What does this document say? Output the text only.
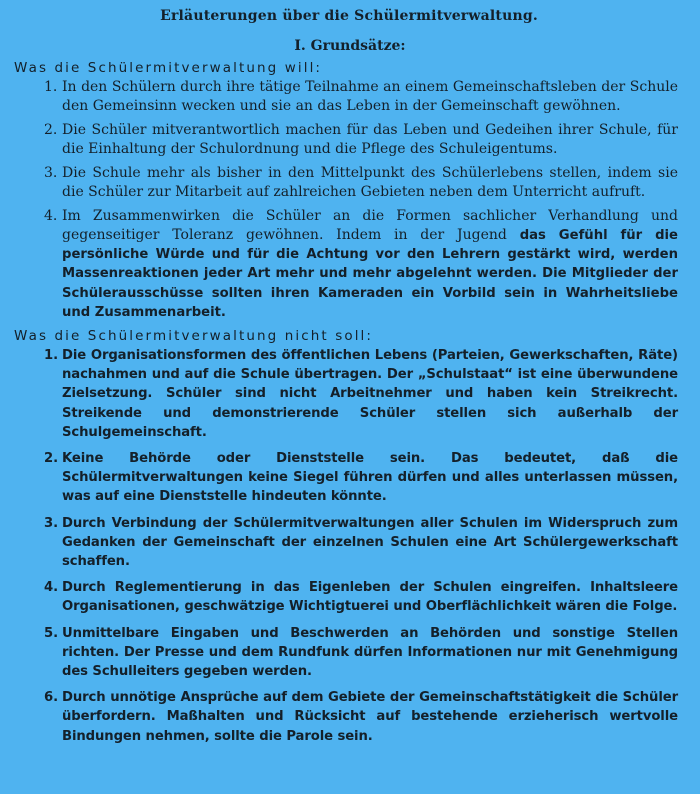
Erläuterungen über die Schülermitverwaltung.
I. Grundsätze:
Was die Schülermitverwaltung will:
1. In den Schülern durch ihre tätige Teilnahme an einem Gemeinschaftsleben der Schule den Gemeinsinn wecken und sie an das Leben in der Gemeinschaft gewöhnen.
2. Die Schüler mitverantwortlich machen für das Leben und Gedeihen ihrer Schule, für die Einhaltung der Schulordnung und die Pflege des Schuleigentums.
3. Die Schule mehr als bisher in den Mittelpunkt des Schülerlebens stellen, indem sie die Schüler zur Mitarbeit auf zahlreichen Gebieten neben dem Unterricht aufruft.
4. Im Zusammenwirken die Schüler an die Formen sachlicher Verhandlung und gegenseitiger Toleranz gewöhnen. Indem in der Jugend das Gefühl für die persönliche Würde und für die Achtung vor den Lehrern gestärkt wird, werden Massenreaktionen jeder Art mehr und mehr abgelehnt werden. Die Mitglieder der Schülerausschüsse sollten ihren Kameraden ein Vorbild sein in Wahrheitsliebe und Zusammenarbeit.
Was die Schülermitverwaltung nicht soll:
1. Die Organisationsformen des öffentlichen Lebens (Parteien, Gewerkschaften, Räte) nachahmen und auf die Schule übertragen. Der „Schulstaat“ ist eine überwundene Zielsetzung. Schüler sind nicht Arbeitnehmer und haben kein Streikrecht. Streikende und demonstrierende Schüler stellen sich außerhalb der Schulgemeinschaft.
2. Keine Behörde oder Dienststelle sein. Das bedeutet, daß die Schülermitverwaltungen keine Siegel führen dürfen und alles unterlassen müssen, was auf eine Dienststelle hindeuten könnte.
3. Durch Verbindung der Schülermitverwaltungen aller Schulen im Widerspruch zum Gedanken der Gemeinschaft der einzelnen Schulen eine Art Schülergewerkschaft schaffen.
4. Durch Reglementierung in das Eigenleben der Schulen eingreifen. Inhaltsleere Organisationen, geschwätzige Wichtigtuerei und Oberflächlichkeit wären die Folge.
5. Unmittelbare Eingaben und Beschwerden an Behörden und sonstige Stellen richten. Der Presse und dem Rundfunk dürfen Informationen nur mit Genehmigung des Schulleiters gegeben werden.
6. Durch unnötige Ansprüche auf dem Gebiete der Gemeinschaftstätigkeit die Schüler überfordern. Maßhalten und Rücksicht auf bestehende erzieherisch wertvolle Bindungen nehmen, sollte die Parole sein.
